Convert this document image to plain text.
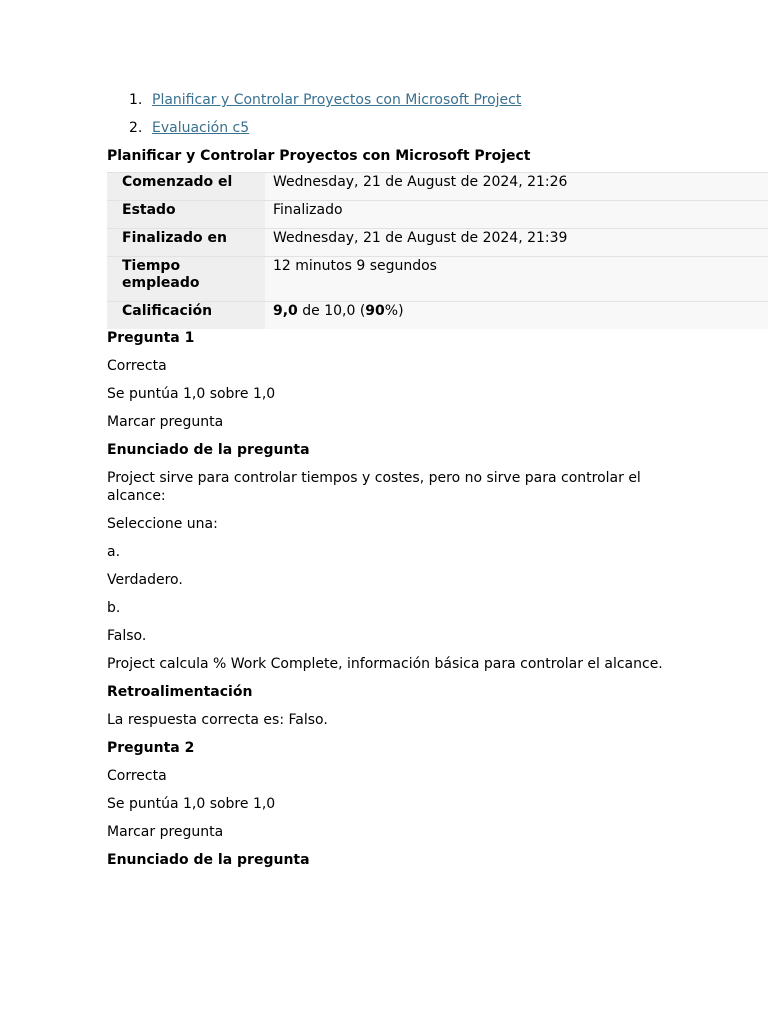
Planificar y Controlar Proyectos con Microsoft Project
Evaluación c5
Planificar y Controlar Proyectos con Microsoft Project
Comenzado el	Wednesday, 21 de August de 2024, 21:26
Estado	Finalizado
Finalizado en	Wednesday, 21 de August de 2024, 21:39
Tiempo empleado	12 minutos 9 segundos
Calificación	9,0 de 10,0 (90%)
Pregunta 1
Correcta
Se puntúa 1,0 sobre 1,0
Marcar pregunta
Enunciado de la pregunta
Project sirve para controlar tiempos y costes, pero no sirve para controlar el alcance:
Seleccione una:
a.
Verdadero.
b.
Falso.
Project calcula % Work Complete, información básica para controlar el alcance.
Retroalimentación
La respuesta correcta es: Falso.
Pregunta 2
Correcta
Se puntúa 1,0 sobre 1,0
Marcar pregunta
Enunciado de la pregunta
